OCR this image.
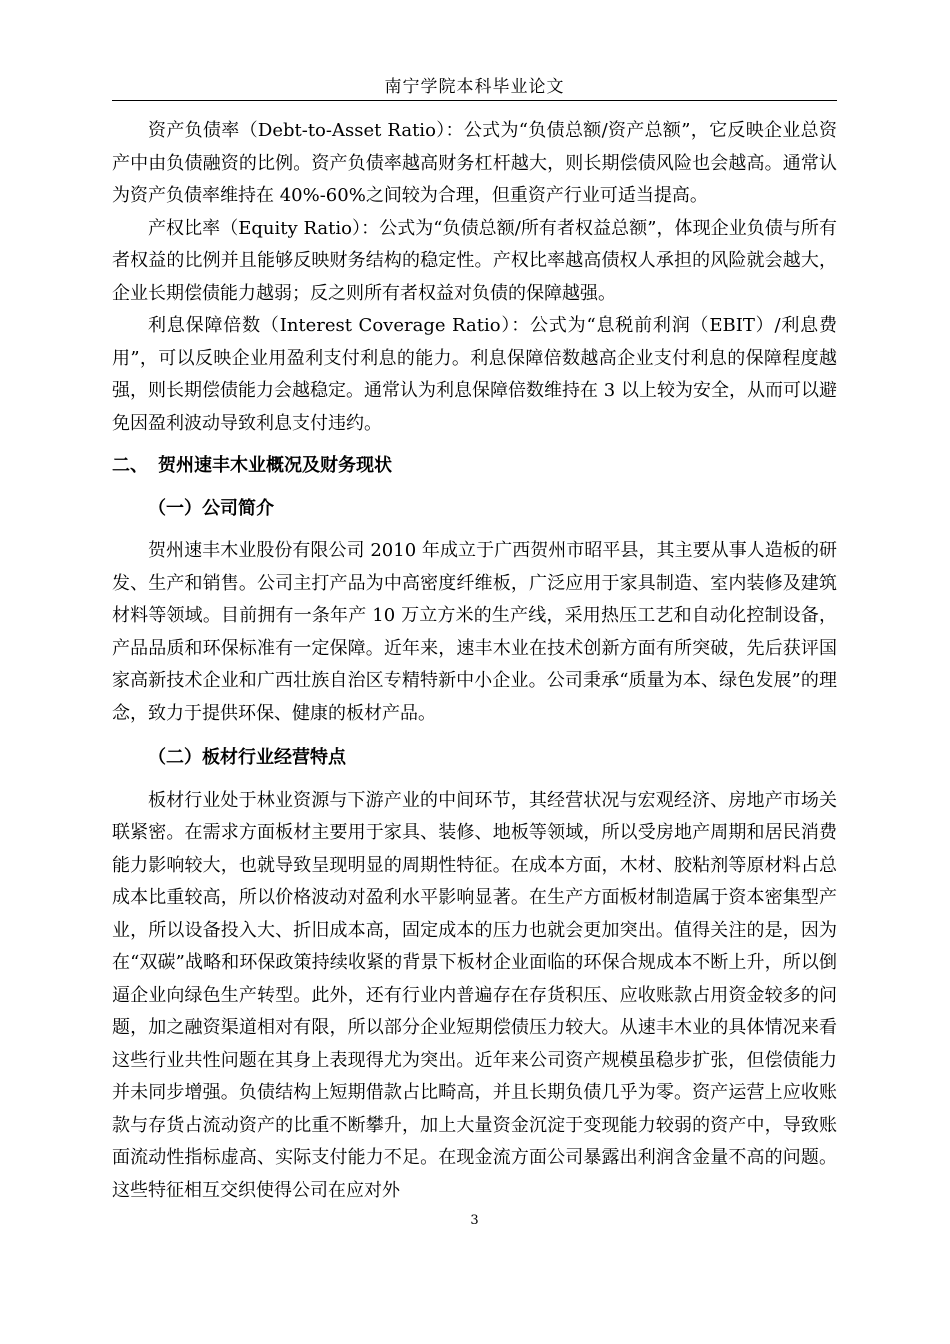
南宁学院本科毕业论文

资产负债率（Debt-to-Asset Ratio）：公式为“负债总额/资产总额”，它反映企业总资产中由负债融资的比例。资产负债率越高财务杠杆越大，则长期偿债风险也会越高。通常认为资产负债率维持在 40%-60%之间较为合理，但重资产行业可适当提高。

产权比率（Equity Ratio）：公式为“负债总额/所有者权益总额”，体现企业负债与所有者权益的比例并且能够反映财务结构的稳定性。产权比率越高债权人承担的风险就会越大，企业长期偿债能力越弱；反之则所有者权益对负债的保障越强。

利息保障倍数（Interest Coverage Ratio）：公式为“息税前利润（EBIT）/利息费用”，可以反映企业用盈利支付利息的能力。利息保障倍数越高企业支付利息的保障程度越强，则长期偿债能力会越稳定。通常认为利息保障倍数维持在 3 以上较为安全，从而可以避免因盈利波动导致利息支付违约。

二、 贺州速丰木业概况及财务现状

（一）公司简介

贺州速丰木业股份有限公司 2010 年成立于广西贺州市昭平县，其主要从事人造板的研发、生产和销售。公司主打产品为中高密度纤维板，广泛应用于家具制造、室内装修及建筑材料等领域。目前拥有一条年产 10 万立方米的生产线，采用热压工艺和自动化控制设备，产品品质和环保标准有一定保障。近年来，速丰木业在技术创新方面有所突破，先后获评国家高新技术企业和广西壮族自治区专精特新中小企业。公司秉承“质量为本、绿色发展”的理念，致力于提供环保、健康的板材产品。

（二）板材行业经营特点

板材行业处于林业资源与下游产业的中间环节，其经营状况与宏观经济、房地产市场关联紧密。在需求方面板材主要用于家具、装修、地板等领域，所以受房地产周期和居民消费能力影响较大，也就导致呈现明显的周期性特征。在成本方面，木材、胶粘剂等原材料占总成本比重较高，所以价格波动对盈利水平影响显著。在生产方面板材制造属于资本密集型产业，所以设备投入大、折旧成本高，固定成本的压力也就会更加突出。值得关注的是，因为在“双碳”战略和环保政策持续收紧的背景下板材企业面临的环保合规成本不断上升，所以倒逼企业向绿色生产转型。此外，还有行业内普遍存在存货积压、应收账款占用资金较多的问题，加之融资渠道相对有限，所以部分企业短期偿债压力较大。从速丰木业的具体情况来看这些行业共性问题在其身上表现得尤为突出。近年来公司资产规模虽稳步扩张，但偿债能力并未同步增强。负债结构上短期借款占比畸高，并且长期负债几乎为零。资产运营上应收账款与存货占流动资产的比重不断攀升，加上大量资金沉淀于变现能力较弱的资产中，导致账面流动性指标虚高、实际支付能力不足。在现金流方面公司暴露出利润含金量不高的问题。这些特征相互交织使得公司在应对外

3
